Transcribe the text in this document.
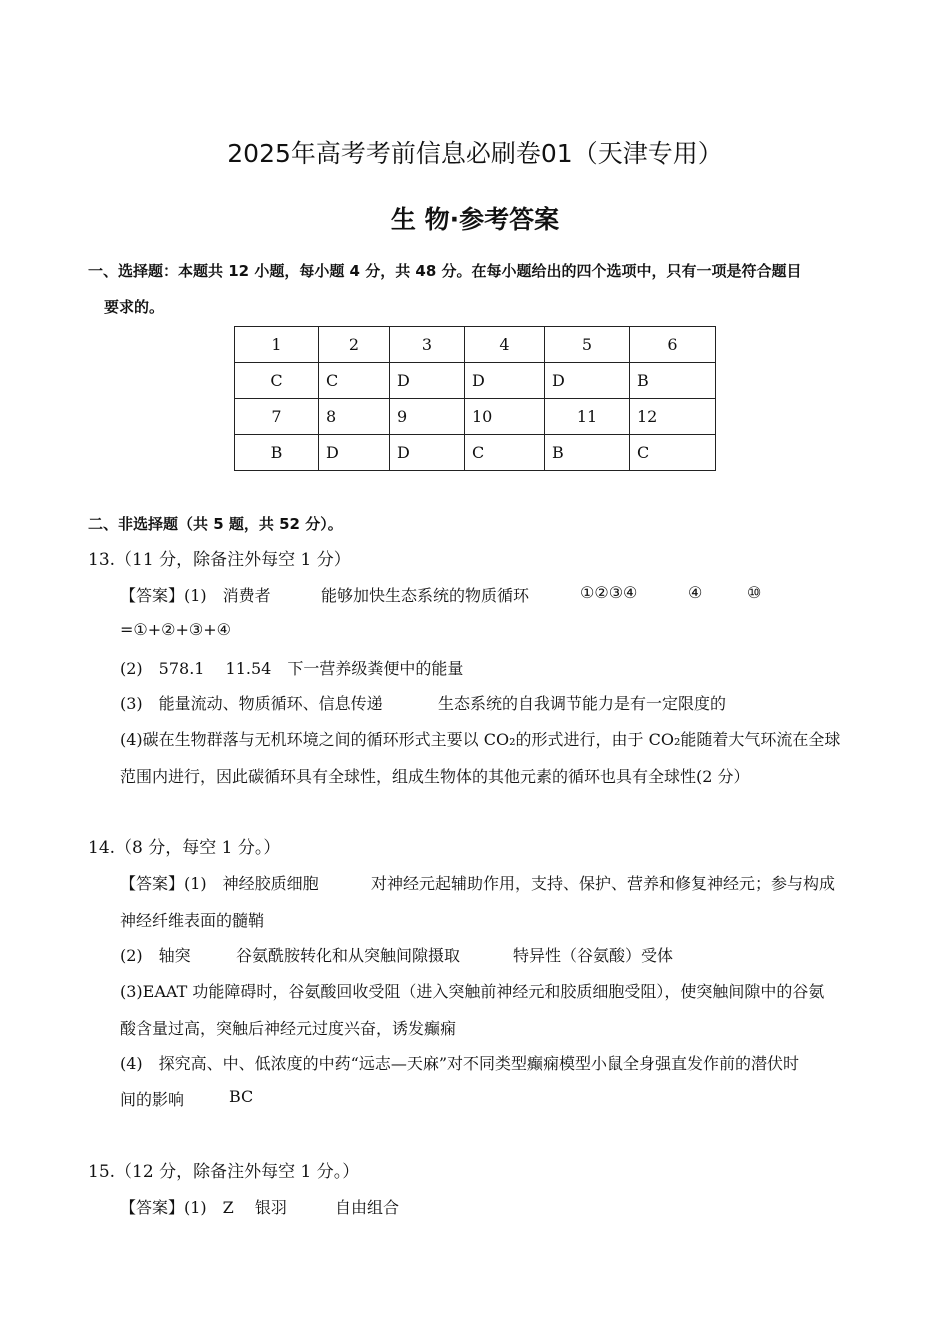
2025年高考考前信息必刷卷01（天津专用）
生 物·参考答案
一、选择题：本题共 12 小题，每小题 4 分，共 48 分。在每小题给出的四个选项中，只有一项是符合题目
要求的。
1	2	3	4	5	6
C	C	D	D	D	B
7	8	9	10	11	12
B	D	D	C	B	C
二、非选择题（共 5 题，共 52 分）。
13.（11 分，除备注外每空 1 分）
【答案】(1)　消费者	能够加快生态系统的物质循环	①②③④	④	⑩
=①+②+③+④
(2)　578.1　 11.54　下一营养级粪便中的能量
(3)　能量流动、物质循环、信息传递	生态系统的自我调节能力是有一定限度的
(4)碳在生物群落与无机环境之间的循环形式主要以 CO₂的形式进行，由于 CO₂能随着大气环流在全球
范围内进行，因此碳循环具有全球性，组成生物体的其他元素的循环也具有全球性(2 分）
14.（8 分，每空 1 分。）
【答案】(1)　神经胶质细胞	对神经元起辅助作用，支持、保护、营养和修复神经元；参与构成
神经纤维表面的髓鞘
(2)　轴突	谷氨酰胺转化和从突触间隙摄取	特异性（谷氨酸）受体
(3)EAAT 功能障碍时，谷氨酸回收受阻（进入突触前神经元和胶质细胞受阻），使突触间隙中的谷氨
酸含量过高，突触后神经元过度兴奋，诱发癫痫
(4)　探究高、中、低浓度的中药“远志—天麻”对不同类型癫痫模型小鼠全身强直发作前的潜伏时
间的影响	BC
15.（12 分，除备注外每空 1 分。）
【答案】(1)　Z　 银羽	自由组合
